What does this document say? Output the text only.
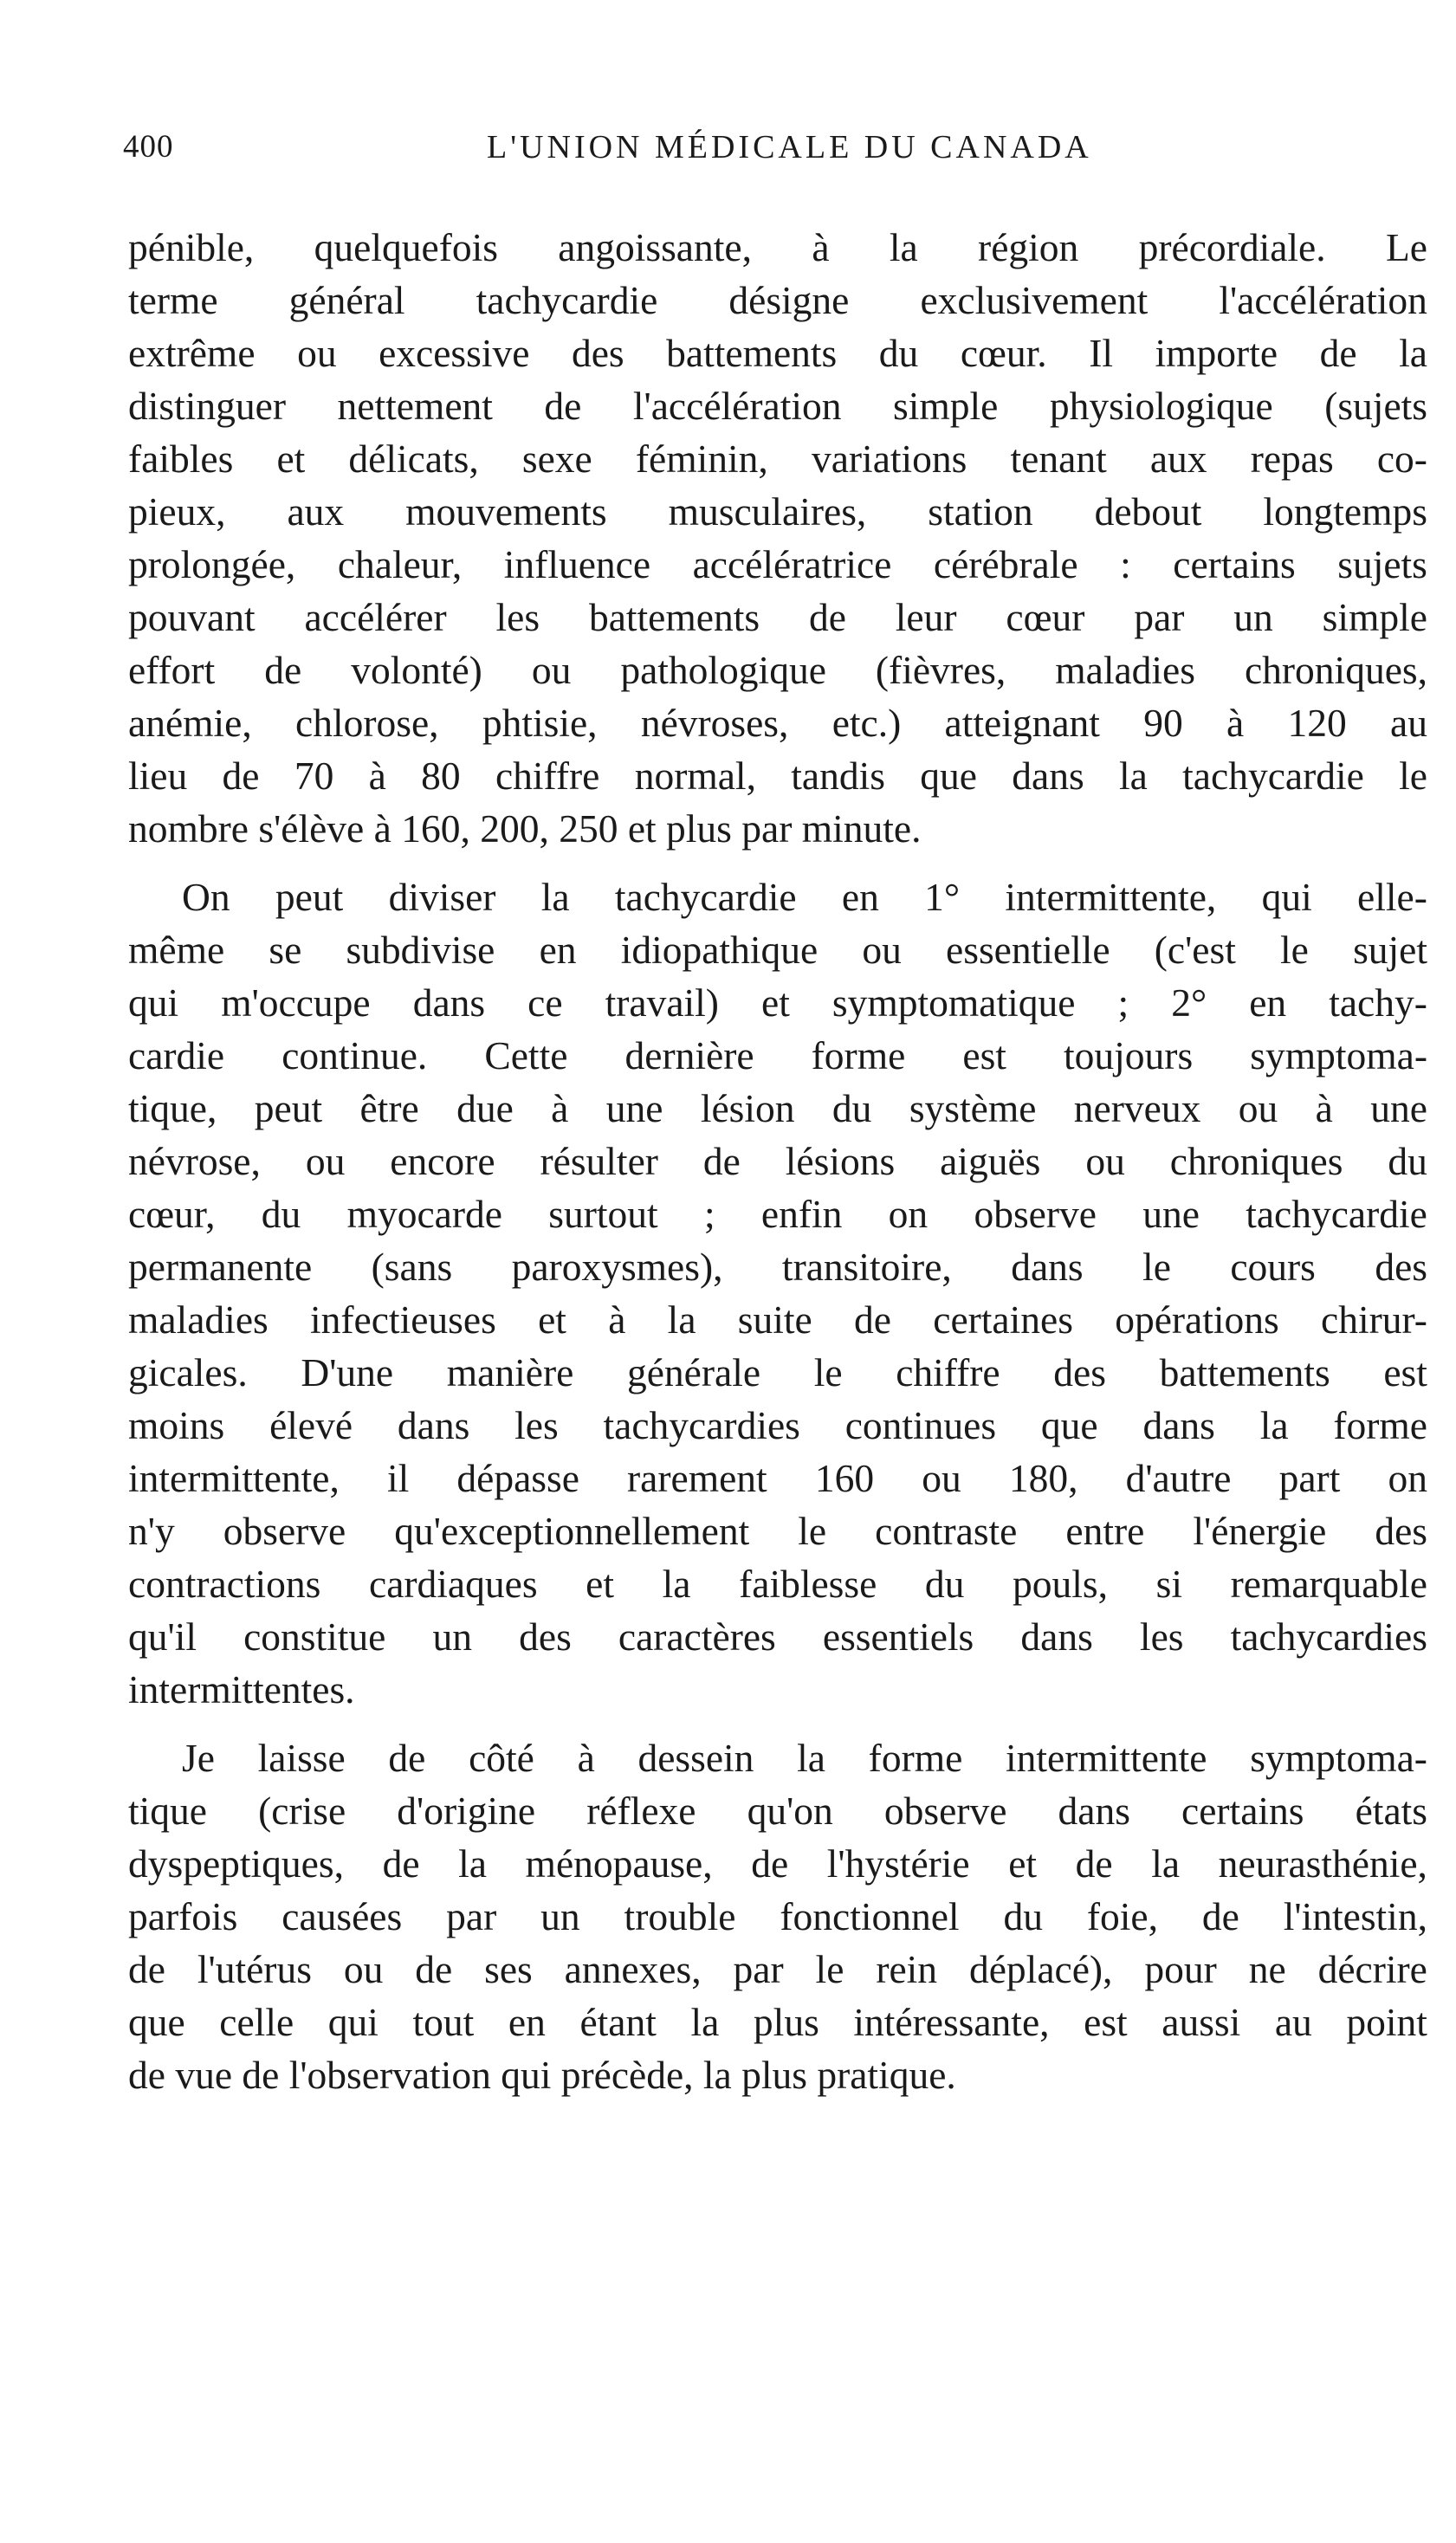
400	L'UNION MÉDICALE DU CANADA
pénible, quelquefois angoissante, à la région précordiale. Le
terme général tachycardie désigne exclusivement l'accélération
extrême ou excessive des battements du cœur. Il importe de la
distinguer nettement de l'accélération simple physiologique (sujets
faibles et délicats, sexe féminin, variations tenant aux repas co-
pieux, aux mouvements musculaires, station debout longtemps
prolongée, chaleur, influence accélératrice cérébrale : certains sujets
pouvant accélérer les battements de leur cœur par un simple
effort de volonté) ou pathologique (fièvres, maladies chroniques,
anémie, chlorose, phtisie, névroses, etc.) atteignant 90 à 120 au
lieu de 70 à 80 chiffre normal, tandis que dans la tachycardie le
nombre s'élève à 160, 200, 250 et plus par minute.
On peut diviser la tachycardie en 1° intermittente, qui elle-
même se subdivise en idiopathique ou essentielle (c'est le sujet
qui m'occupe dans ce travail) et symptomatique ; 2° en tachy-
cardie continue. Cette dernière forme est toujours symptoma-
tique, peut être due à une lésion du système nerveux ou à une
névrose, ou encore résulter de lésions aiguës ou chroniques du
cœur, du myocarde surtout ; enfin on observe une tachycardie
permanente (sans paroxysmes), transitoire, dans le cours des
maladies infectieuses et à la suite de certaines opérations chirur-
gicales. D'une manière générale le chiffre des battements est
moins élevé dans les tachycardies continues que dans la forme
intermittente, il dépasse rarement 160 ou 180, d'autre part on
n'y observe qu'exceptionnellement le contraste entre l'énergie des
contractions cardiaques et la faiblesse du pouls, si remarquable
qu'il constitue un des caractères essentiels dans les tachycardies
intermittentes.
Je laisse de côté à dessein la forme intermittente symptoma-
tique (crise d'origine réflexe qu'on observe dans certains états
dyspeptiques, de la ménopause, de l'hystérie et de la neurasthénie,
parfois causées par un trouble fonctionnel du foie, de l'intestin,
de l'utérus ou de ses annexes, par le rein déplacé), pour ne décrire
que celle qui tout en étant la plus intéressante, est aussi au point
de vue de l'observation qui précède, la plus pratique.
